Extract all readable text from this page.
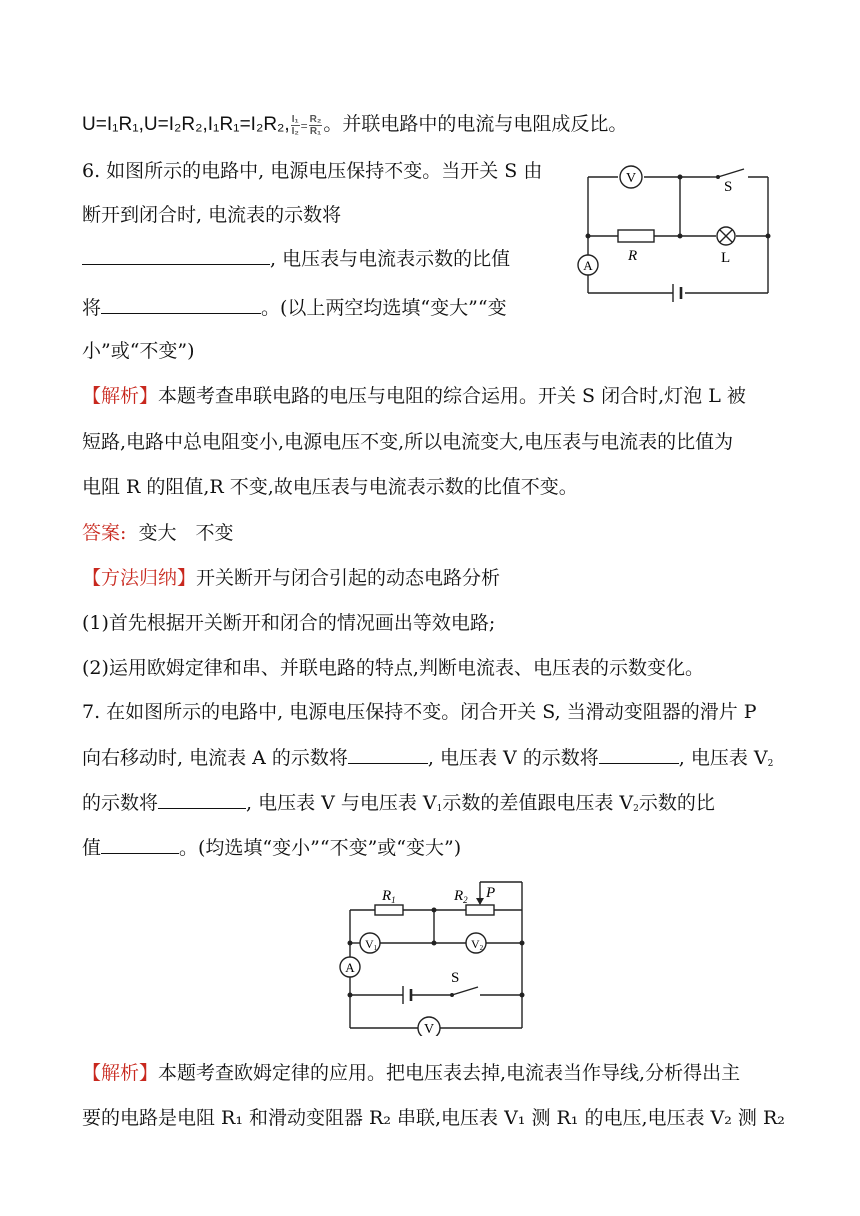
U=I₁R₁,U=I₂R₂,I₁R₁=I₂R₂, $\frac{\text{I₁}}{\text{I₂}}= \frac{\text{R₂}}{\text{R₁}}$。并联电路中的电流与电阻成反比。
6. 如图所示的电路中, 电源电压保持不变。当开关 S 由
断开到闭合时, 电流表的示数将
, 电压表与电流表示数的比值
将	。(以上两空均选填“变大”“变
小”或“不变”)
V
S
R	L
A
【解析】本题考查串联电路的电压与电阻的综合运用。开关 S 闭合时,灯泡 L 被
短路,电路中总电阻变小,电源电压不变,所以电流变大,电压表与电流表的比值为
电阻 R 的阻值,R 不变,故电压表与电流表示数的比值不变。
答案: 变大　不变
【方法归纳】开关断开与闭合引起的动态电路分析
(1)首先根据开关断开和闭合的情况画出等效电路;
(2)运用欧姆定律和串、并联电路的特点,判断电流表、电压表的示数变化。
7. 在如图所示的电路中, 电源电压保持不变。闭合开关 S, 当滑动变阻器的滑片 P
向右移动时, 电流表 A 的示数将	, 电压表 V 的示数将	, 电压表 $V_2$
的示数将	, 电压表 V 与电压表 $V_1$示数的差值跟电压表 $V_2$示数的比
值	。(均选填“变小”“不变”或“变大”)
$R_1$	$R_2$ P
V1	V2
A
S
V
【解析】本题考查欧姆定律的应用。把电压表去掉,电流表当作导线,分析得出主
要的电路是电阻 R₁ 和滑动变阻器 R₂ 串联,电压表 V₁ 测 R₁ 的电压,电压表 V₂ 测 R₂
